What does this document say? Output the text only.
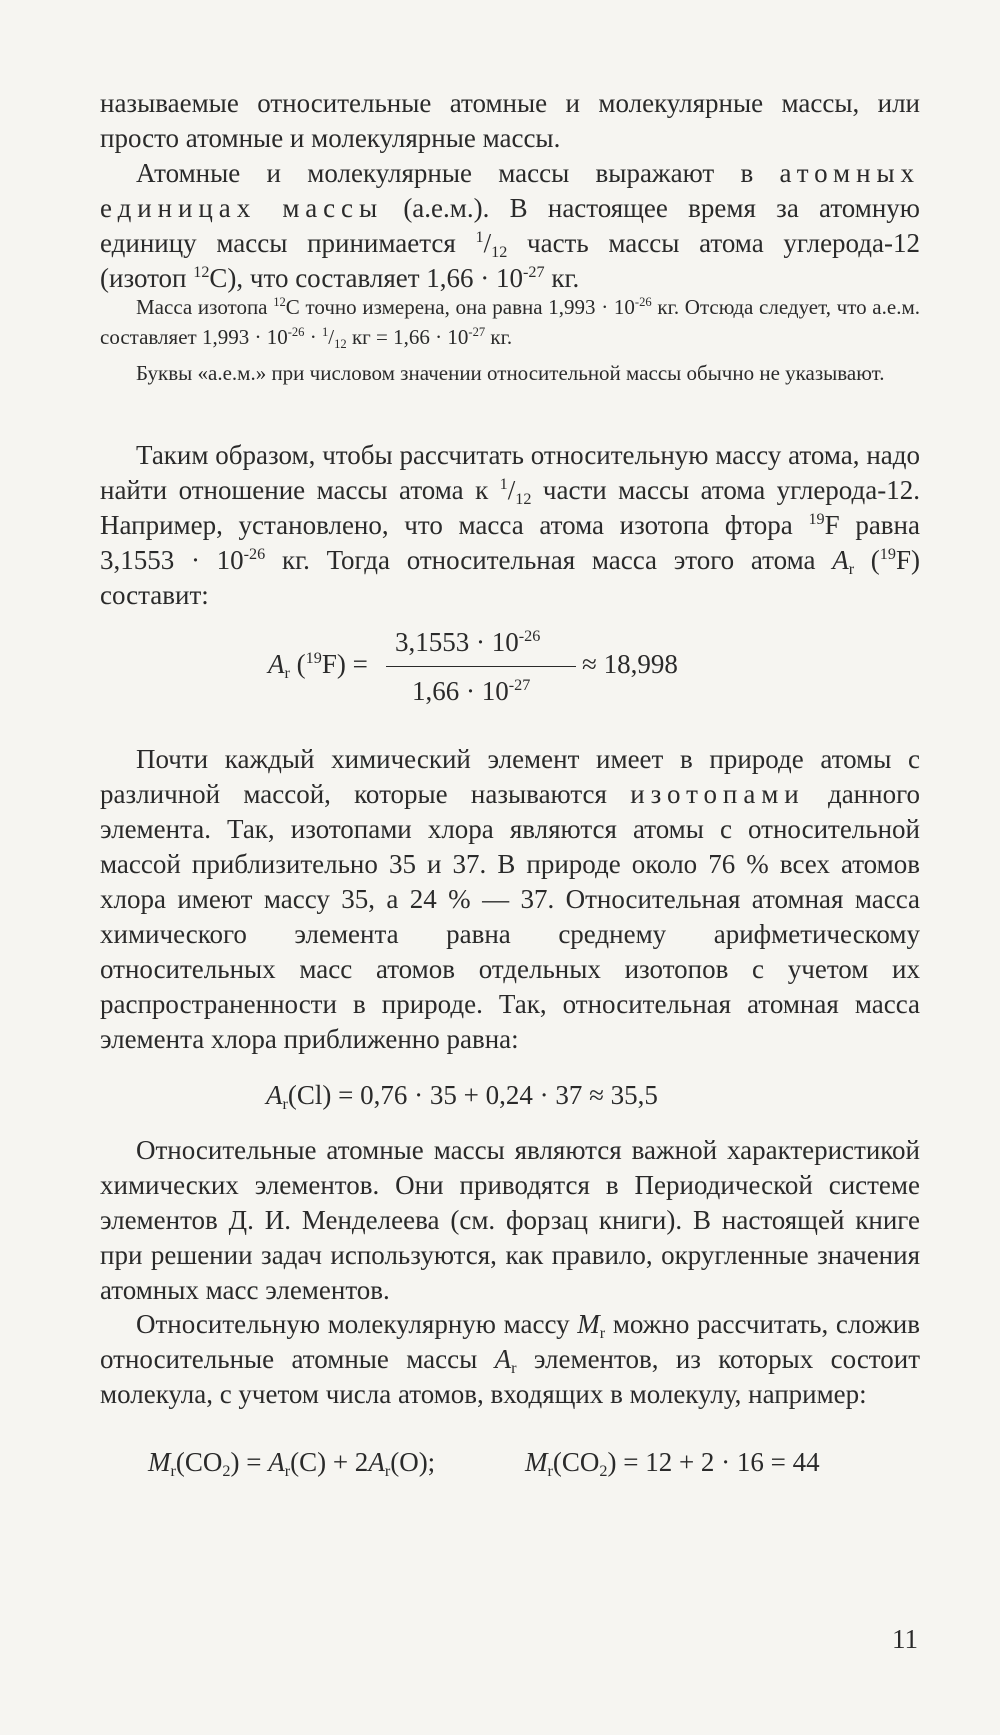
называемые относительные атомные и молекулярные массы, или просто атомные и молекулярные массы.

Атомные и молекулярные массы выражают в атомных единицах массы (а.е.м.). В настоящее время за атомную единицу массы принимается $^1/_{12}$ часть массы атома углерода-12 (изотоп $^{12}$C), что составляет $1,66 \cdot 10^{-27}$ кг.

Масса изотопа $^{12}$C точно измерена, она равна $1,993 \cdot 10^{-26}$ кг. Отсюда следует, что а.е.м. составляет $1,993 \cdot 10^{-26} \cdot ^1/_{12}$ кг = $1,66 \cdot 10^{-27}$ кг.

Буквы «а.е.м.» при числовом значении относительной массы обычно не указывают.

Таким образом, чтобы рассчитать относительную массу атома, надо найти отношение массы атома к $^1/_{12}$ части массы атома углерода-12. Например, установлено, что масса атома изотопа фтора $^{19}$F равна $3,1553 \cdot 10^{-26}$ кг. Тогда относительная масса этого атома $A_r$ ($^{19}$F) составит:

$A_r$ ($^{19}$F) =
$3,1553 \cdot 10^{-26}$
$1,66 \cdot 10^{-27}$
≈ 18,998

Почти каждый химический элемент имеет в природе атомы с различной массой, которые называются изотопами данного элемента. Так, изотопами хлора являются атомы с относительной массой приблизительно 35 и 37. В природе около 76 % всех атомов хлора имеют массу 35, а 24 % — 37. Относительная атомная масса химического элемента равна среднему арифметическому относительных масс атомов отдельных изотопов с учетом их распространенности в природе. Так, относительная атомная масса элемента хлора приближенно равна:

$A_r(Cl) = 0,76 \cdot 35 + 0,24 \cdot 37 \approx 35,5$

Относительные атомные массы являются важной характеристикой химических элементов. Они приводятся в Периодической системе элементов Д. И. Менделеева (см. форзац книги). В настоящей книге при решении задач используются, как правило, округленные значения атомных масс элементов.

Относительную молекулярную массу $M_r$ можно рассчитать, сложив относительные атомные массы $A_r$ элементов, из которых состоит молекула, с учетом числа атомов, входящих в молекулу, например:

$M_r(CO_2) = A_r(C) + 2A_r(O)$;	$M_r(CO_2) = 12 + 2 \cdot 16 = 44$
11
